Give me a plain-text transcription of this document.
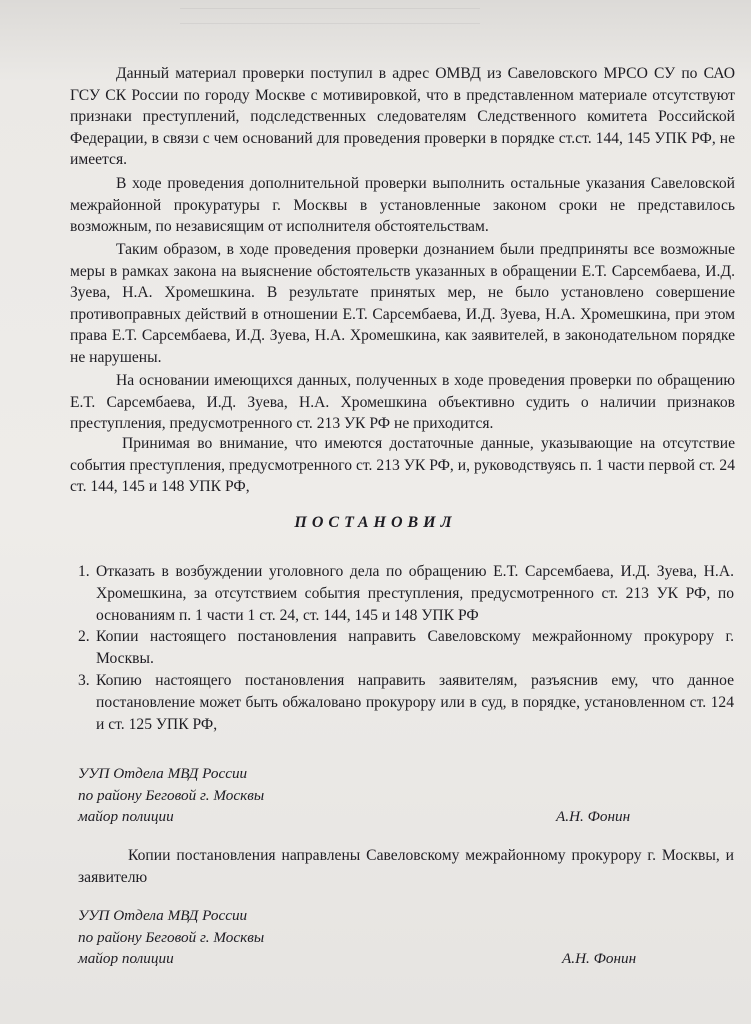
Данный материал проверки поступил в адрес ОМВД из Савеловского МРСО СУ по САО ГСУ СК России по городу Москве с мотивировкой, что в представленном материале отсутствуют признаки преступлений, подследственных следователям Следственного комитета Российской Федерации, в связи с чем оснований для проведения проверки в порядке ст.ст. 144, 145 УПК РФ, не имеется.

В ходе проведения дополнительной проверки выполнить остальные указания Савеловской межрайонной прокуратуры г. Москвы в установленные законом сроки не представилось возможным, по независящим от исполнителя обстоятельствам.

Таким образом, в ходе проведения проверки дознанием были предприняты все возможные меры в рамках закона на выяснение обстоятельств указанных в обращении Е.Т. Сарсембаева, И.Д. Зуева, Н.А. Хромешкина. В результате принятых мер, не было установлено совершение противоправных действий в отношении Е.Т. Сарсембаева, И.Д. Зуева, Н.А. Хромешкина, при этом права Е.Т. Сарсембаева, И.Д. Зуева, Н.А. Хромешкина, как заявителей, в законодательном порядке не нарушены.

На основании имеющихся данных, полученных в ходе проведения проверки по обращению Е.Т. Сарсембаева, И.Д. Зуева, Н.А. Хромешкина объективно судить о наличии признаков преступления, предусмотренного ст. 213 УК РФ не приходится.

Принимая во внимание, что имеются достаточные данные, указывающие на отсутствие события преступления, предусмотренного ст. 213 УК РФ, и, руководствуясь п. 1 части первой ст. 24 ст. 144, 145 и 148 УПК РФ,

ПОСТАНОВИЛ
1. Отказать в возбуждении уголовного дела по обращению Е.Т. Сарсембаева, И.Д. Зуева, Н.А. Хромешкина, за отсутствием события преступления, предусмотренного ст. 213 УК РФ, по основаниям п. 1 части 1 ст. 24, ст. 144, 145 и 148 УПК РФ
2. Копии настоящего постановления направить Савеловскому межрайонному прокурору г. Москвы.
3. Копию настоящего постановления направить заявителям, разъяснив ему, что данное постановление может быть обжаловано прокурору или в суд, в порядке, установленном ст. 124 и ст. 125 УПК РФ,
УУП Отдела МВД России
по району Беговой г. Москвы
майор полиции	А.Н. Фонин

Копии постановления направлены Савеловскому межрайонному прокурору г. Москвы, и заявителю

УУП Отдела МВД России
по району Беговой г. Москвы
майор полиции	А.Н. Фонин
